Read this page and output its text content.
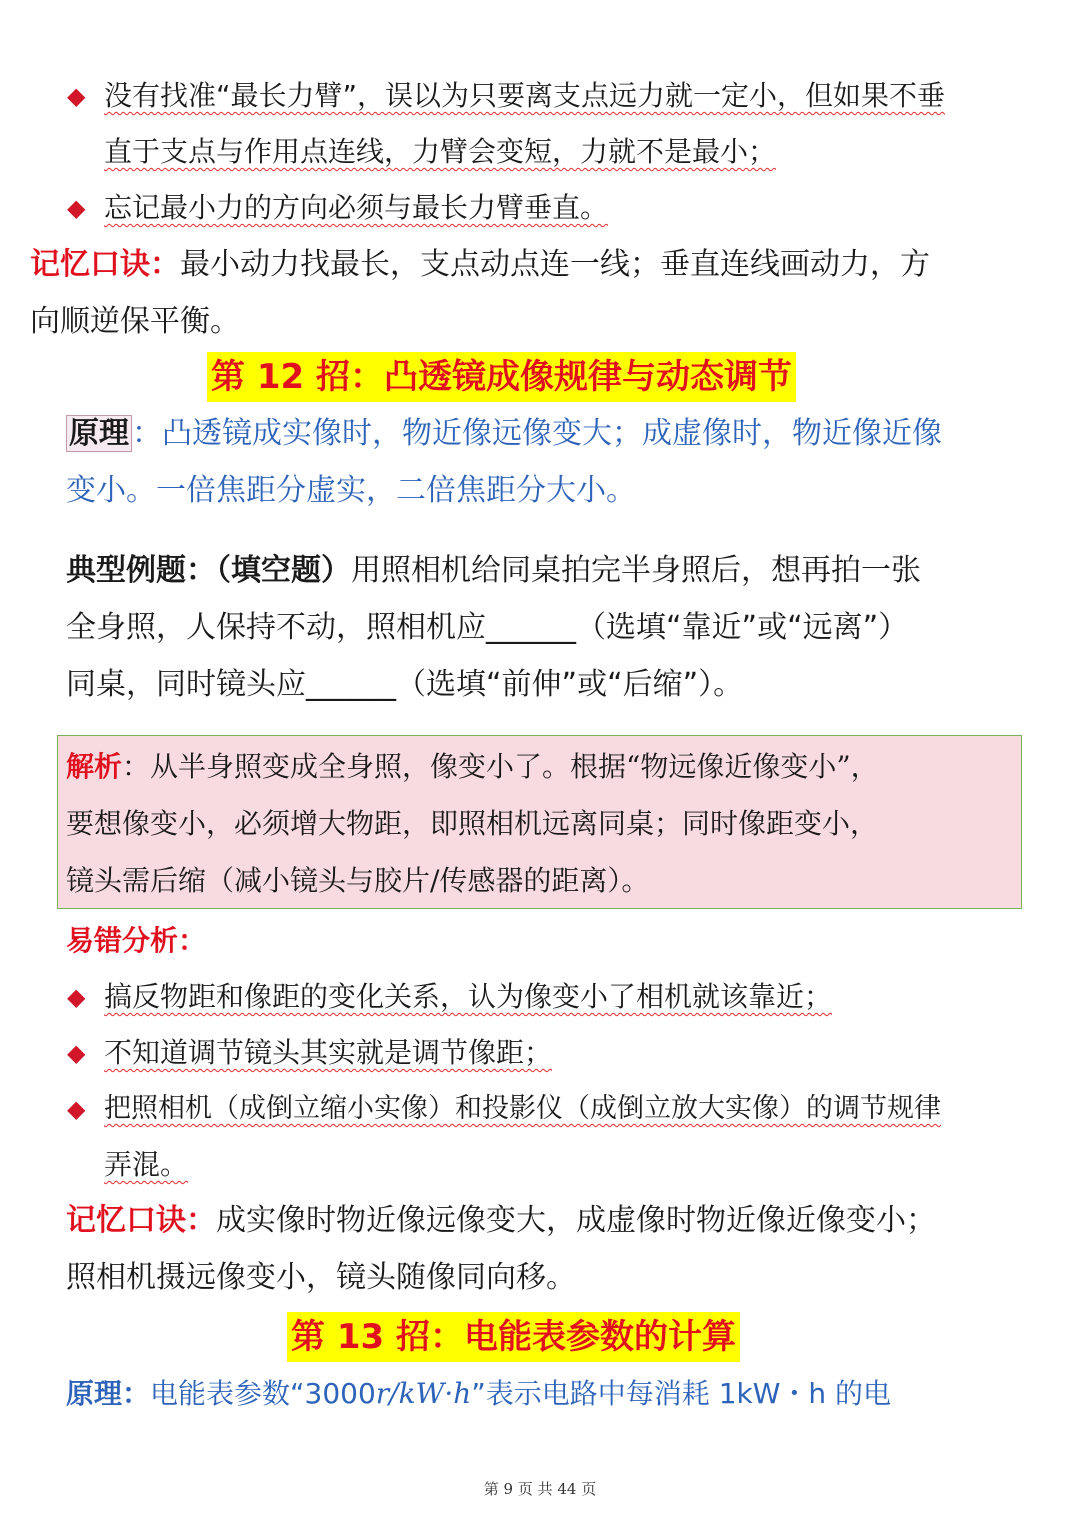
◆ 没有找准“最长力臂”，误以为只要离支点远力就一定小，但如果不垂
直于支点与作用点连线，力臂会变短，力就不是最小；
◆ 忘记最小力的方向必须与最长力臂垂直。
记忆口诀：最小动力找最长，支点动点连一线；垂直连线画动力，方
向顺逆保平衡。
第 12 招：凸透镜成像规律与动态调节
原理 ：凸透镜成实像时，物近像远像变大；成虚像时，物近像近像
变小。一倍焦距分虚实，二倍焦距分大小。
典型例题：（填空题）用照相机给同桌拍完半身照后，想再拍一张
全身照，人保持不动，照相机应______（选填“靠近”或“远离”）
同桌，同时镜头应______（选填“前伸”或“后缩”）。
解析：从半身照变成全身照，像变小了。根据“物远像近像变小”，
要想像变小，必须增大物距，即照相机远离同桌；同时像距变小，
镜头需后缩（减小镜头与胶片/传感器的距离）。
易错分析：
◆ 搞反物距和像距的变化关系，认为像变小了相机就该靠近；
◆ 不知道调节镜头其实就是调节像距；
◆ 把照相机（成倒立缩小实像）和投影仪（成倒立放大实像）的调节规律
弄混。
记忆口诀：成实像时物近像远像变大，成虚像时物近像近像变小；
照相机摄远像变小，镜头随像同向移。
第 13 招：电能表参数的计算
原理：电能表参数“3000r/kW·h”表示电路中每消耗 1kW・h 的电
第 9 页 共 44 页
